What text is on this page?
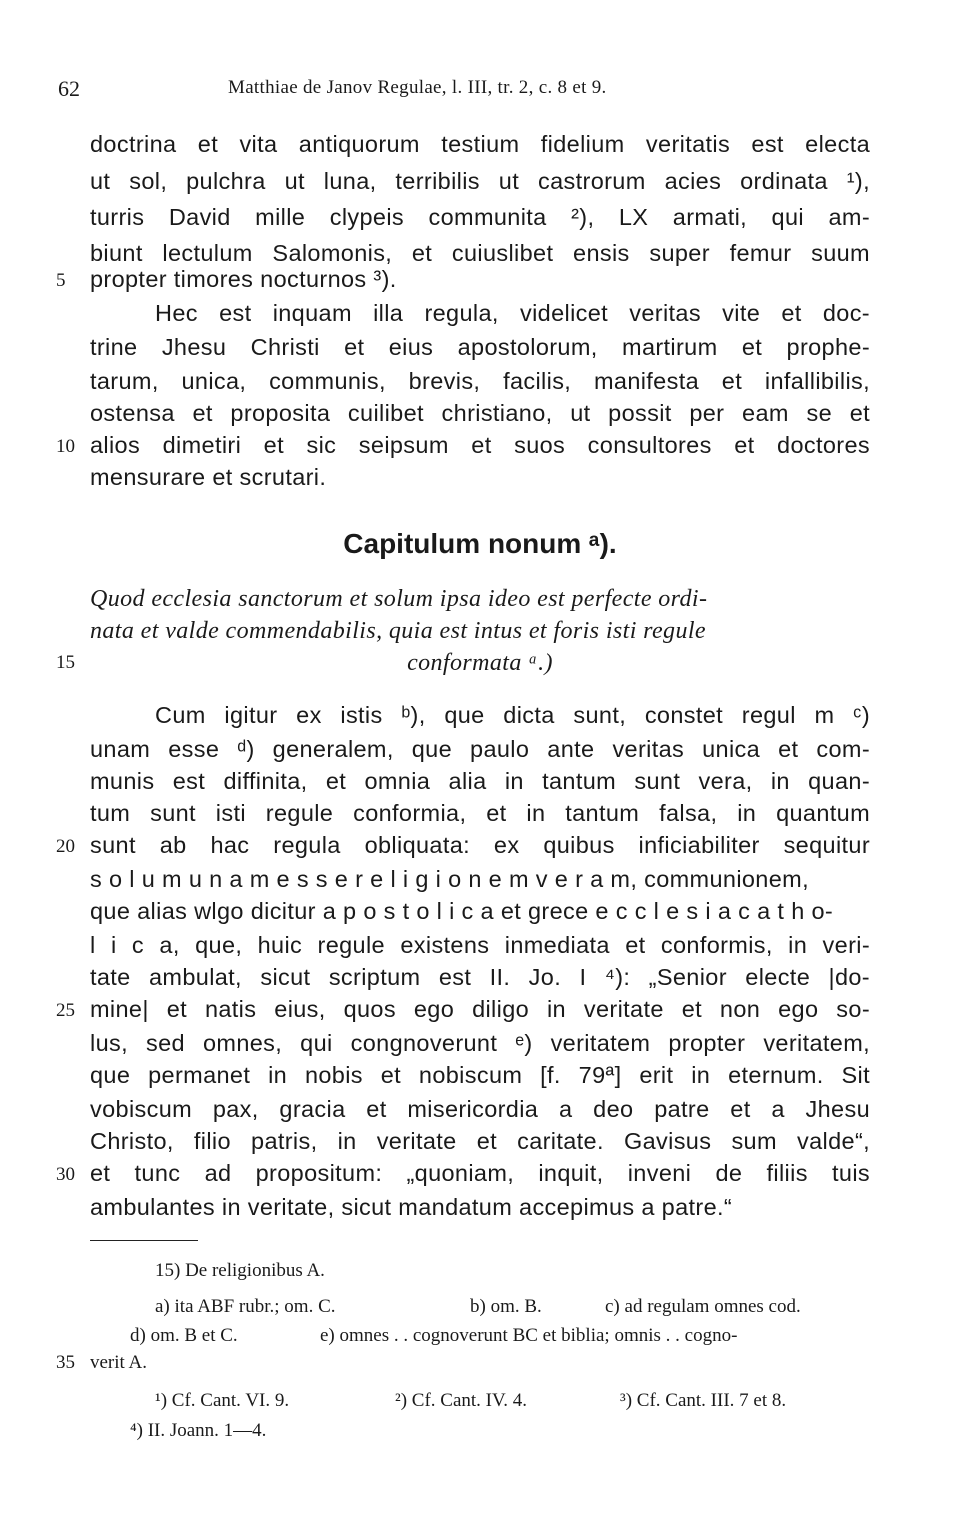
62	Matthiae de Janov Regulae, l. III, tr. 2, c. 8 et 9.
doctrina et vita antiquorum testium fidelium veritatis est electa
ut sol, pulchra ut luna, terribilis ut castrorum acies ordinata ¹),
turris David mille clypeis communita ²), LX armati, qui am-
biunt lectulum Salomonis, et cuiuslibet ensis super femur suum
5	propter timores nocturnos ³).
Hec est inquam illa regula, videlicet veritas vite et doc-
trine Jhesu Christi et eius apostolorum, martirum et prophe-
tarum, unica, communis, brevis, facilis, manifesta et infallibilis,
ostensa et proposita cuilibet christiano, ut possit per eam se et
10 alios dimetiri et sic seipsum et suos consultores et doctores
mensurare et scrutari.
Capitulum nonum ᵃ).
Quod ecclesia sanctorum et solum ipsa ideo est perfecte ordi-
nata et valde commendabilis, quia est intus et foris isti regule
15	conformata ᵃ.)
Cum igitur ex istis ᵇ), que dicta sunt, constet regul m ᶜ)
unam esse ᵈ) generalem, que paulo ante veritas unica et com-
munis est diffinita, et omnia alia in tantum sunt vera, in quan-
tum sunt isti regule conformia, et in tantum falsa, in quantum
20 sunt ab hac regula obliquata: ex quibus inficiabiliter sequitur
s o l u m u n a m e s s e r e l i g i o n e m v e r a m, communionem,
que alias wlgo dicitur a p o s t o l i c a et grece e c c l e s i a c a t h o-
l i c a, que, huic regule existens inmediata et conformis, in veri-
tate ambulat, sicut scriptum est II. Jo. I ⁴): „Senior electe |do-
25 mine| et natis eius, quos ego diligo in veritate et non ego so-
lus, sed omnes, qui congnoverunt ᵉ) veritatem propter veritatem,
que permanet in nobis et nobiscum [f. 79ª] erit in eternum. Sit
vobiscum pax, gracia et misericordia a deo patre et a Jhesu
Christo, filio patris, in veritate et caritate. Gavisus sum valde“,
30 et tunc ad propositum: „quoniam, inquit, inveni de filiis tuis
ambulantes in veritate, sicut mandatum accepimus a patre.“
15) De religionibus A.
a) ita ABF rubr.; om. C.	b) om. B.	c) ad regulam omnes cod.
d) om. B et C.	e) omnes . . cognoverunt BC et biblia; omnis . . cogno-
35 verit A.
¹) Cf. Cant. VI. 9.	²) Cf. Cant. IV. 4.	³) Cf. Cant. III. 7 et 8.
⁴) II. Joann. 1—4.
